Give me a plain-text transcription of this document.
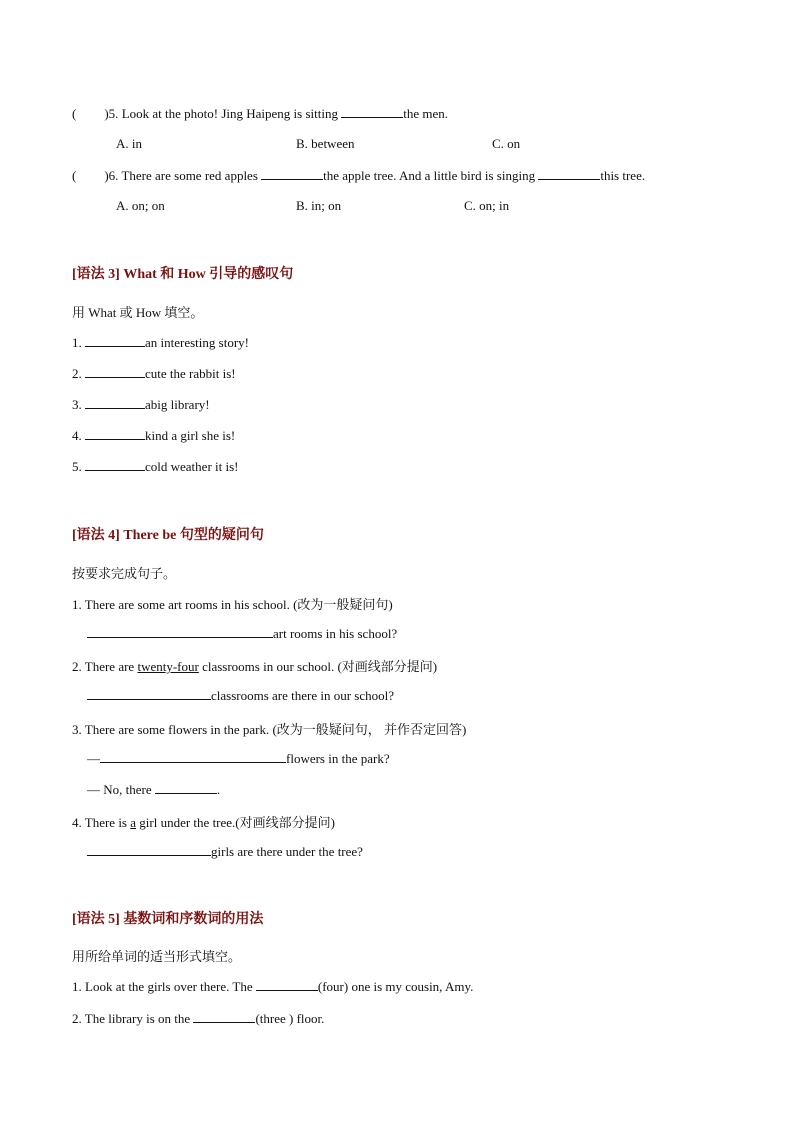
( )5. Look at the photo! Jing Haipeng is sitting	the men.
A. in	B. between	C. on
( )6. There are some red apples	the apple tree. And a little bird is singing	this tree.
A. on; on	B. in; on	C. on; in
[语法 3] What 和 How 引导的感叹句
用 What 或 How 填空。
1.	an interesting story!
2.	cute the rabbit is!
3.	abig library!
4.	kind a girl she is!
5.	cold weather it is!
[语法 4] There be 句型的疑问句
按要求完成句子。
1. There are some art rooms in his school. (改为一般疑问句)
art rooms in his school?
2. There are twenty-four classrooms in our school. (对画线部分提问)
classrooms are there in our school?
3. There are some flowers in the park. (改为一般疑问句， 并作否定回答)
—	flowers in the park?
— No, there	.
4. There is a girl under the tree.(对画线部分提问)
girls are there under the tree?
[语法 5] 基数词和序数词的用法
用所给单词的适当形式填空。
1. Look at the girls over there. The	(four) one is my cousin, Amy.
2. The library is on the	(three ) floor.
